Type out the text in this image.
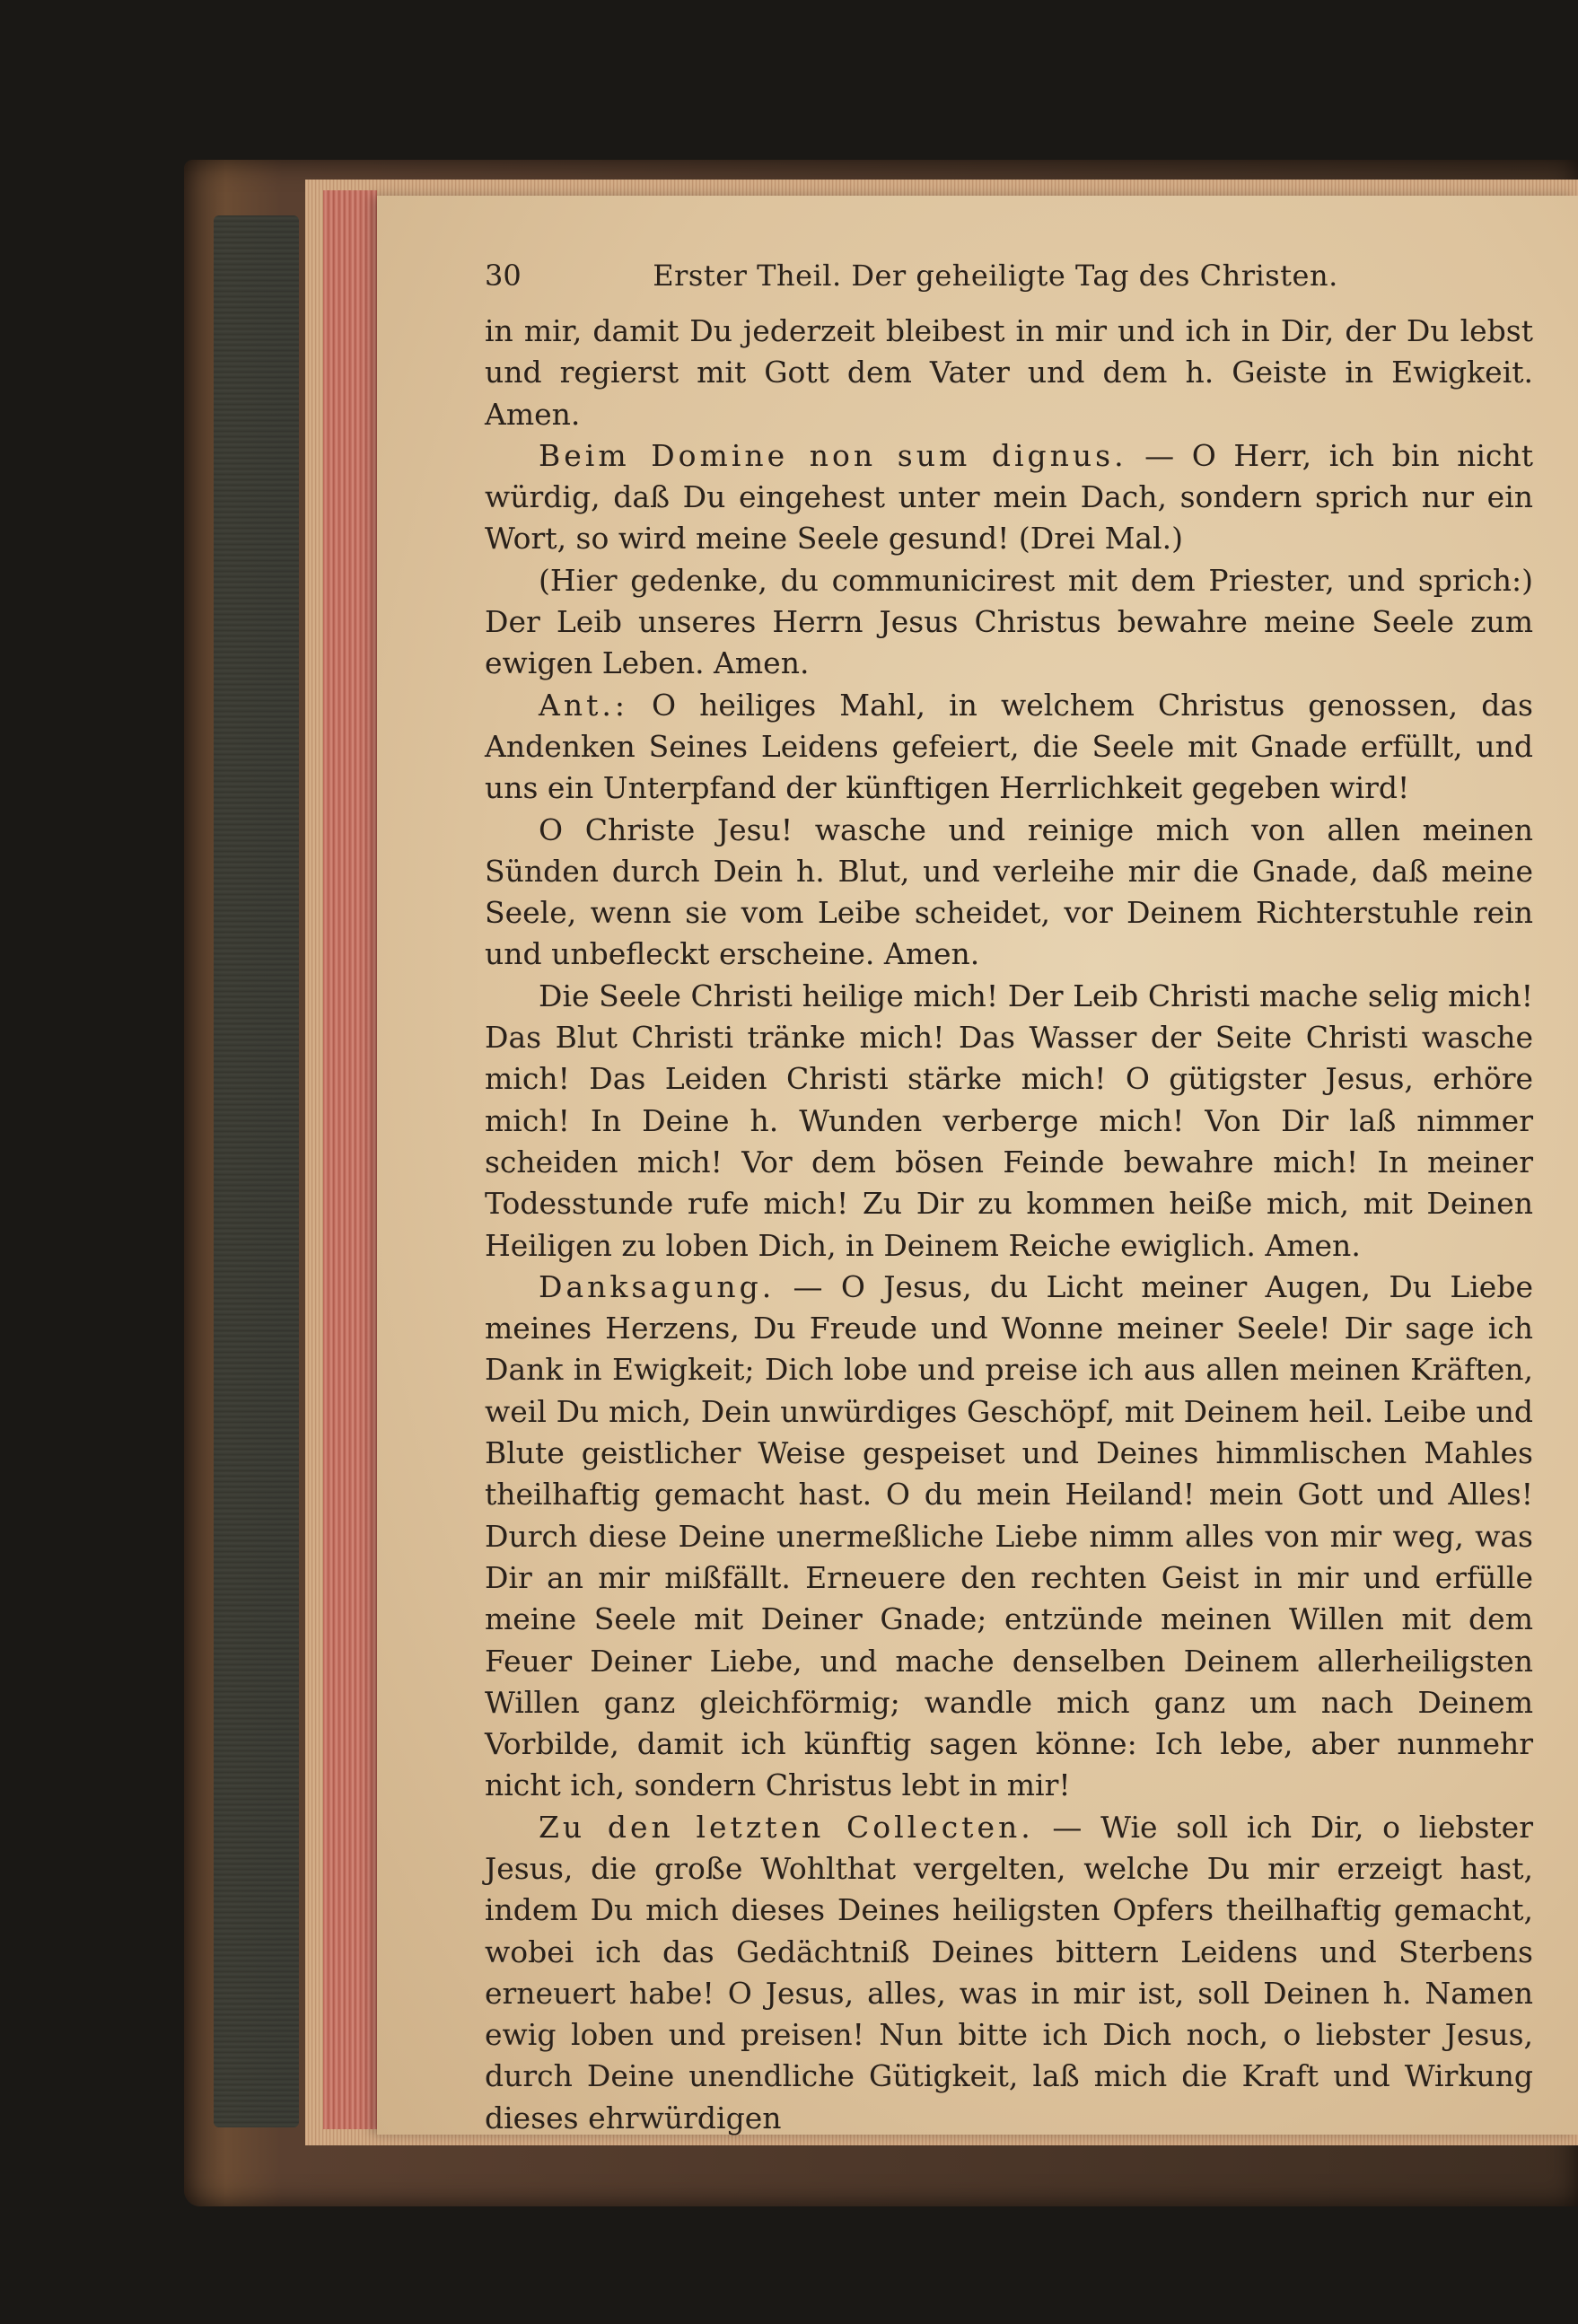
30	Erster Theil. Der geheiligte Tag des Christen.

in mir, damit Du jederzeit bleibest in mir und ich in Dir, der Du lebst und regierst mit Gott dem Vater und dem h. Geiste in Ewigkeit. Amen.

Beim Domine non sum dignus. — O Herr, ich bin nicht würdig, daß Du eingehest unter mein Dach, sondern sprich nur ein Wort, so wird meine Seele gesund! (Drei Mal.)

(Hier gedenke, du communicirest mit dem Priester, und sprich:) Der Leib unseres Herrn Jesus Christus bewahre meine Seele zum ewigen Leben. Amen.

Ant.: O heiliges Mahl, in welchem Christus genossen, das Andenken Seines Leidens gefeiert, die Seele mit Gnade erfüllt, und uns ein Unterpfand der künftigen Herrlichkeit gegeben wird!

O Christe Jesu! wasche und reinige mich von allen meinen Sünden durch Dein h. Blut, und verleihe mir die Gnade, daß meine Seele, wenn sie vom Leibe scheidet, vor Deinem Richterstuhle rein und unbefleckt erscheine. Amen.

Die Seele Christi heilige mich! Der Leib Christi mache selig mich! Das Blut Christi tränke mich! Das Wasser der Seite Christi wasche mich! Das Leiden Christi stärke mich! O gütigster Jesus, erhöre mich! In Deine h. Wunden verberge mich! Von Dir laß nimmer scheiden mich! Vor dem bösen Feinde bewahre mich! In meiner Todesstunde rufe mich! Zu Dir zu kommen heiße mich, mit Deinen Heiligen zu loben Dich, in Deinem Reiche ewiglich. Amen.

Danksagung. — O Jesus, du Licht meiner Augen, Du Liebe meines Herzens, Du Freude und Wonne meiner Seele! Dir sage ich Dank in Ewigkeit; Dich lobe und preise ich aus allen meinen Kräften, weil Du mich, Dein unwürdiges Geschöpf, mit Deinem heil. Leibe und Blute geistlicher Weise gespeiset und Deines himmlischen Mahles theilhaftig gemacht hast. O du mein Heiland! mein Gott und Alles! Durch diese Deine unermeßliche Liebe nimm alles von mir weg, was Dir an mir mißfällt. Erneuere den rechten Geist in mir und erfülle meine Seele mit Deiner Gnade; entzünde meinen Willen mit dem Feuer Deiner Liebe, und mache denselben Deinem allerheiligsten Willen ganz gleichförmig; wandle mich ganz um nach Deinem Vorbilde, damit ich künftig sagen könne: Ich lebe, aber nunmehr nicht ich, sondern Christus lebt in mir!

Zu den letzten Collecten. — Wie soll ich Dir, o liebster Jesus, die große Wohlthat vergelten, welche Du mir erzeigt hast, indem Du mich dieses Deines heiligsten Opfers theilhaftig gemacht, wobei ich das Gedächtniß Deines bittern Leidens und Sterbens erneuert habe! O Jesus, alles, was in mir ist, soll Deinen h. Namen ewig loben und preisen! Nun bitte ich Dich noch, o liebster Jesus, durch Deine unendliche Gütigkeit, laß mich die Kraft und Wirkung dieses ehrwürdigen
